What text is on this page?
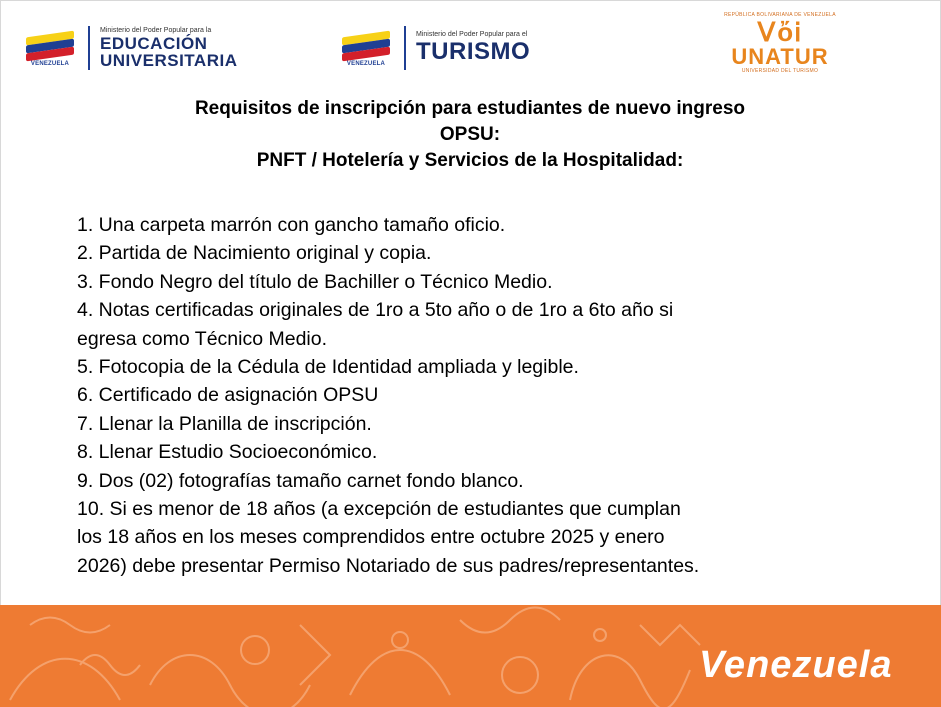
VENEZUELA
Ministerio del Poder Popular para la
EDUCACIÓN
UNIVERSITARIA	VENEZUELA
Ministerio del Poder Popular para el
TURISMO
REPÚBLICA BOLIVARIANA DE VENEZUELA
ᐯὄᎥ
UNATUR
UNIVERSIDAD DEL TURISMO
Requisitos de inscripción para estudiantes de nuevo ingreso
OPSU:
PNFT / Hotelería y Servicios de la Hospitalidad:
1. Una carpeta marrón con gancho tamaño oficio.
2. Partida de Nacimiento original y copia.
3. Fondo Negro del título de Bachiller o Técnico Medio.
4. Notas certificadas originales de 1ro a 5to año o de 1ro a 6to año si
egresa como Técnico Medio.
5. Fotocopia de la Cédula de Identidad ampliada y legible.
6. Certificado de asignación OPSU
7. Llenar la Planilla de inscripción.
8. Llenar Estudio Socioeconómico.
9. Dos (02) fotografías tamaño carnet fondo blanco.
10. Si es menor de 18 años (a excepción de estudiantes que cumplan
los 18 años en los meses comprendidos entre octubre 2025 y enero
2026) debe presentar Permiso Notariado de sus padres/representantes.
Venezuela
